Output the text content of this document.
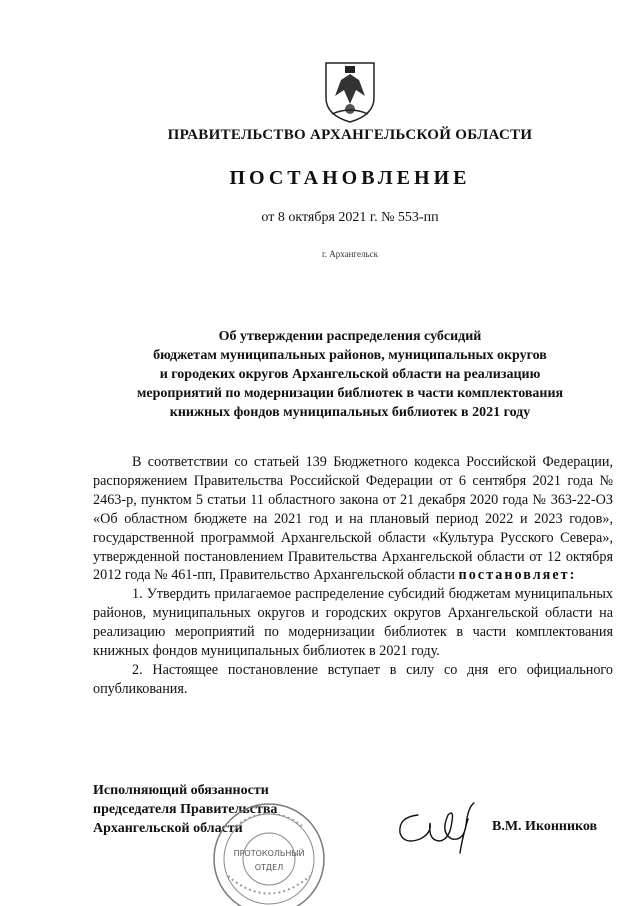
ПРАВИТЕЛЬСТВО АРХАНГЕЛЬСКОЙ ОБЛАСТИ
ПОСТАНОВЛЕНИЕ
от 8 октября 2021 г. № 553-пп
г. Архангельск
Об утверждении распределения субсидий
бюджетам муниципальных районов, муниципальных округов
и городеких округов Архангельской области на реализацию
мероприятий по модернизации библиотек в части комплектования
книжных фондов муниципальных библиотек в 2021 году

В соответствии со статьей 139 Бюджетного кодекса Российской Федерации, распоряжением Правительства Российской Федерации от 6 сентября 2021 года № 2463-р, пунктом 5 статьи 11 областного закона от 21 декабря 2020 года № 363-22-ОЗ «Об областном бюджете на 2021 год и на плановый период 2022 и 2023 годов», государственной программой Архангельской области «Культура Русского Севера», утвержденной постановлением Правительства Архангельской области от 12 октября 2012 года № 461-пп, Правительство Архангельской области постановляет:

1. Утвердить прилагаемое распределение субсидий бюджетам муниципальных районов, муниципальных округов и городских округов Архангельской области на реализацию мероприятий по модернизации библиотек в части комплектования книжных фондов муниципальных библиотек в 2021 году.

2. Настоящее постановление вступает в силу со дня его официального опубликования.

Исполняющий обязанности
председателя Правительства
Архангельской области
ПРОТОКОЛЬНЫЙ
ОТДЕЛ
В.М. Иконников
